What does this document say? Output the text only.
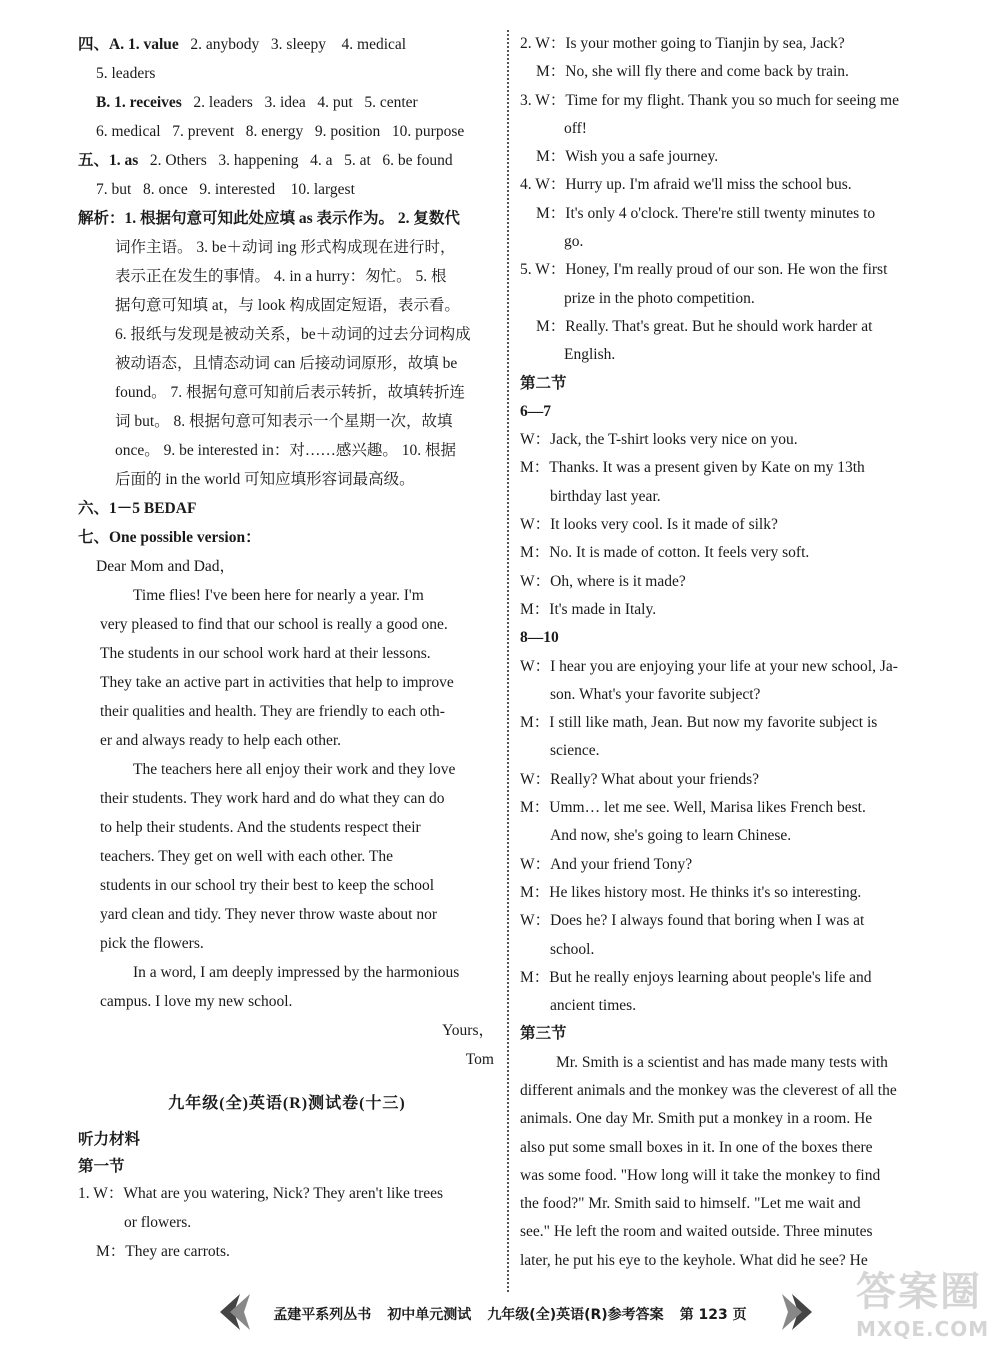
四、A. 1. value 2. anybody 3. sleepy 4. medical
5. leaders
B. 1. receives 2. leaders 3. idea 4. put 5. center
6. medical 7. prevent 8. energy 9. position 10. purpose
五、1. as 2. Others 3. happening 4. a 5. at 6. be found
7. but 8. once 9. interested 10. largest
解析：1. 根据句意可知此处应填 as 表示作为。 2. 复数代
词作主语。 3. be＋动词 ing 形式构成现在进行时，
表示正在发生的事情。 4. in a hurry：匆忙。 5. 根
据句意可知填 at，与 look 构成固定短语，表示看。
6. 报纸与发现是被动关系，be＋动词的过去分词构成
被动语态，且情态动词 can 后接动词原形，故填 be
found。 7. 根据句意可知前后表示转折，故填转折连
词 but。 8. 根据句意可知表示一个星期一次，故填
once。 9. be interested in：对……感兴趣。 10. 根据
后面的 in the world 可知应填形容词最高级。
六、1－5 BEDAF
七、One possible version：
Dear Mom and Dad，
Time flies! I've been here for nearly a year. I'm
very pleased to find that our school is really a good one.
The students in our school work hard at their lessons.
They take an active part in activities that help to improve
their qualities and health. They are friendly to each oth-
er and always ready to help each other.
The teachers here all enjoy their work and they love
their students. They work hard and do what they can do
to help their students. And the students respect their
teachers. They get on well with each other. The
students in our school try their best to keep the school
yard clean and tidy. They never throw waste about nor
pick the flowers.
In a word, I am deeply impressed by the harmonious
campus. I love my new school.
Yours，
Tom
九年级(全)英语(R)测试卷(十三)
听力材料
第一节
1. W：What are you watering, Nick? They aren't like trees
or flowers.
M：They are carrots.
2. W：Is your mother going to Tianjin by sea, Jack?
M：No, she will fly there and come back by train.
3. W：Time for my flight. Thank you so much for seeing me
off!
M：Wish you a safe journey.
4. W：Hurry up. I'm afraid we'll miss the school bus.
M：It's only 4 o'clock. There're still twenty minutes to
go.
5. W：Honey, I'm really proud of our son. He won the first
prize in the photo competition.
M：Really. That's great. But he should work harder at
English.
第二节
6—7
W：Jack, the T-shirt looks very nice on you.
M：Thanks. It was a present given by Kate on my 13th
birthday last year.
W：It looks very cool. Is it made of silk?
M：No. It is made of cotton. It feels very soft.
W：Oh, where is it made?
M：It's made in Italy.
8—10
W：I hear you are enjoying your life at your new school, Ja-
son. What's your favorite subject?
M：I still like math, Jean. But now my favorite subject is
science.
W：Really? What about your friends?
M：Umm… let me see. Well, Marisa likes French best.
And now, she's going to learn Chinese.
W：And your friend Tony?
M：He likes history most. He thinks it's so interesting.
W：Does he? I always found that boring when I was at
school.
M：But he really enjoys learning about people's life and
ancient times.
第三节
Mr. Smith is a scientist and has made many tests with
different animals and the monkey was the cleverest of all the
animals. One day Mr. Smith put a monkey in a room. He
also put some small boxes in it. In one of the boxes there
was some food. "How long will it take the monkey to find
the food?" Mr. Smith said to himself. "Let me wait and
see." He left the room and waited outside. Three minutes
later, he put his eye to the keyhole. What did he see? He
孟建平系列丛书 初中单元测试 九年级(全)英语(R)参考答案 第 123 页	答案圈
MXQE.COM
